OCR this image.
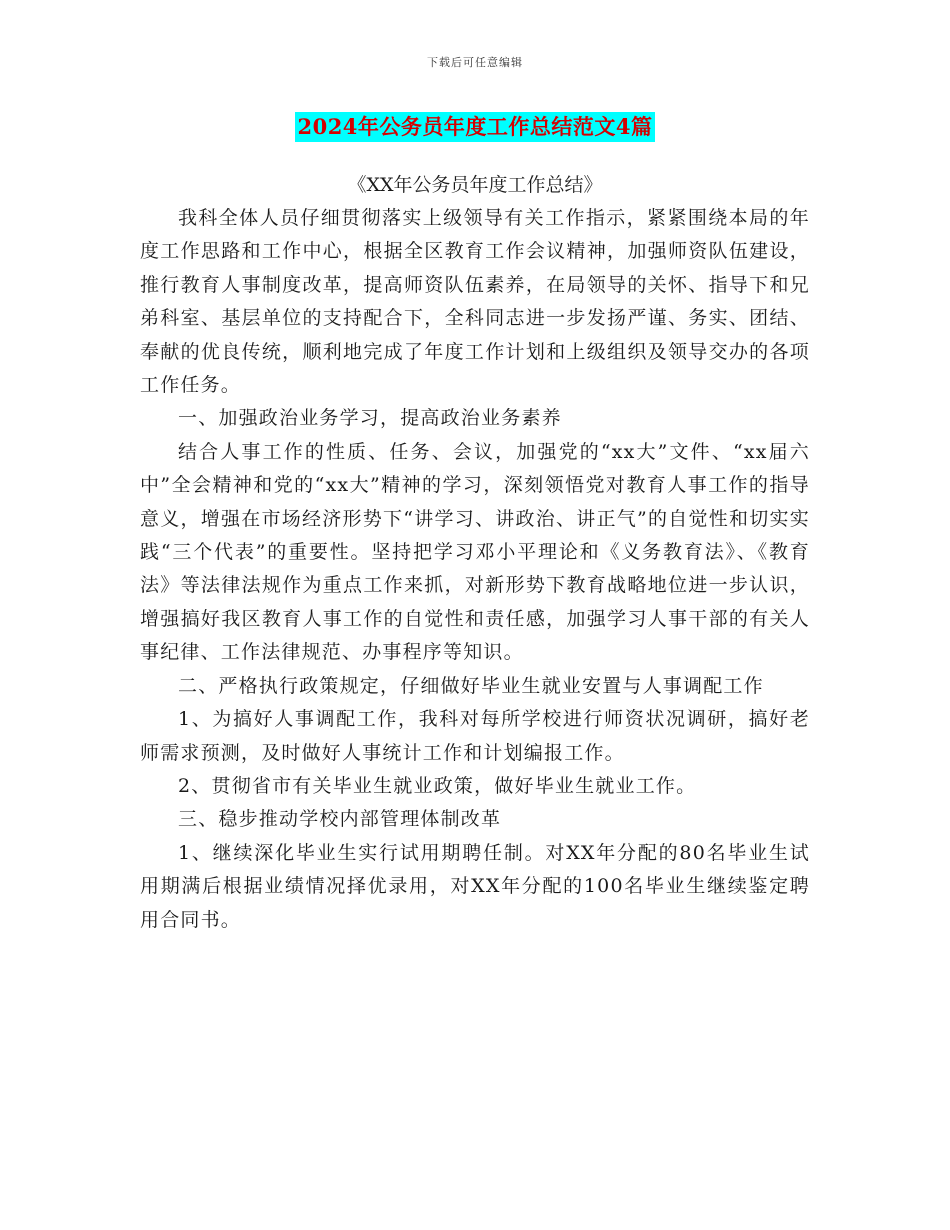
下载后可任意编辑
2024年公务员年度工作总结范文4篇
《XX年公务员年度工作总结》

我科全体人员仔细贯彻落实上级领导有关工作指示，紧紧围绕本局的年度工作思路和工作中心，根据全区教育工作会议精神，加强师资队伍建设，推行教育人事制度改革，提高师资队伍素养，在局领导的关怀、指导下和兄弟科室、基层单位的支持配合下，全科同志进一步发扬严谨、务实、团结、奉献的优良传统，顺利地完成了年度工作计划和上级组织及领导交办的各项工作任务。

一、加强政治业务学习，提高政治业务素养

结合人事工作的性质、任务、会议，加强党的“xx大”文件、“xx届六中”全会精神和党的“xx大”精神的学习，深刻领悟党对教育人事工作的指导意义，增强在市场经济形势下“讲学习、讲政治、讲正气”的自觉性和切实实践“三个代表”的重要性。坚持把学习邓小平理论和《义务教育法》、《教育法》等法律法规作为重点工作来抓，对新形势下教育战略地位进一步认识，增强搞好我区教育人事工作的自觉性和责任感，加强学习人事干部的有关人事纪律、工作法律规范、办事程序等知识。

二、严格执行政策规定，仔细做好毕业生就业安置与人事调配工作

1、为搞好人事调配工作，我科对每所学校进行师资状况调研，搞好老师需求预测，及时做好人事统计工作和计划编报工作。

2、贯彻省市有关毕业生就业政策，做好毕业生就业工作。

三、稳步推动学校内部管理体制改革

1、继续深化毕业生实行试用期聘任制。对XX年分配的80名毕业生试用期满后根据业绩情况择优录用，对XX年分配的100名毕业生继续鉴定聘用合同书。
